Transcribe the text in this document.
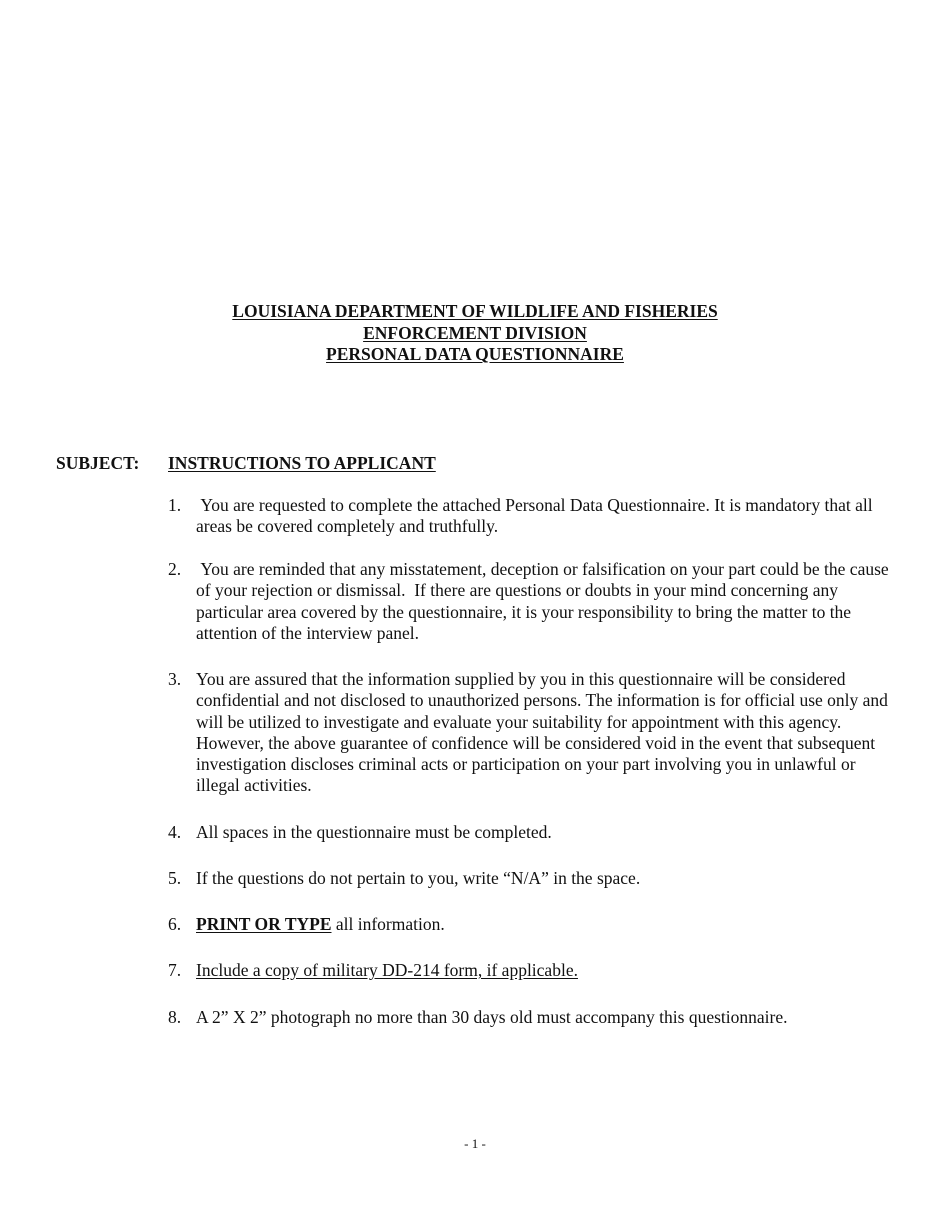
LOUISIANA DEPARTMENT OF WILDLIFE AND FISHERIES
ENFORCEMENT DIVISION
PERSONAL DATA QUESTIONNAIRE
SUBJECT: INSTRUCTIONS TO APPLICANT
1. You are requested to complete the attached Personal Data Questionnaire. It is mandatory that all areas be covered completely and truthfully.
2. You are reminded that any misstatement, deception or falsification on your part could be the cause of your rejection or dismissal.  If there are questions or doubts in your mind concerning any particular area covered by the questionnaire, it is your responsibility to bring the matter to the attention of the interview panel.
3. You are assured that the information supplied by you in this questionnaire will be considered confidential and not disclosed to unauthorized persons. The information is for official use only and will be utilized to investigate and evaluate your suitability for appointment with this agency. However, the above guarantee of confidence will be considered void in the event that subsequent investigation discloses criminal acts or participation on your part involving you in unlawful or illegal activities.
4. All spaces in the questionnaire must be completed.
5. If the questions do not pertain to you, write “N/A” in the space.
6. PRINT OR TYPE all information.
7. Include a copy of military DD-214 form, if applicable.
8. A 2” X 2” photograph no more than 30 days old must accompany this questionnaire.
- 1 -
